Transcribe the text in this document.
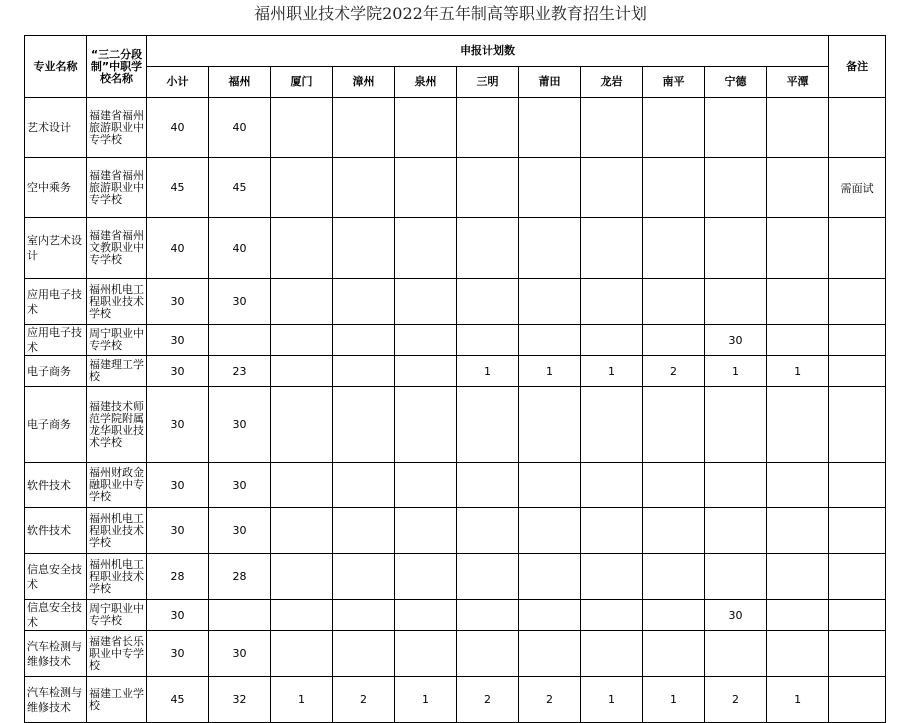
福州职业技术学院2022年五年制高等职业教育招生计划
专业名称	“三二分段制”中职学校名称	申报计划数											备注
		小计	福州	厦门	漳州	泉州	三明	莆田	龙岩	南平	宁德	平潭	
艺术设计	福建省福州旅游职业中专学校	40	40										
空中乘务	福建省福州旅游职业中专学校	45	45										需面试
室内艺术设计	福建省福州文教职业中专学校	40	40										
应用电子技术	福州机电工程职业技术学校	30	30										
应用电子技术	周宁职业中专学校	30									30		
电子商务	福建理工学校	30	23				1	1	1	2	1	1	
电子商务	福建技术师范学院附属龙华职业技术学校	30	30										
软件技术	福州财政金融职业中专学校	30	30										
软件技术	福州机电工程职业技术学校	30	30										
信息安全技术	福州机电工程职业技术学校	28	28										
信息安全技术	周宁职业中专学校	30									30		
汽车检测与维修技术	福建省长乐职业中专学校	30	30										
汽车检测与维修技术	福建工业学校	45	32	1	2	1	2	2	1	1	2	1	
